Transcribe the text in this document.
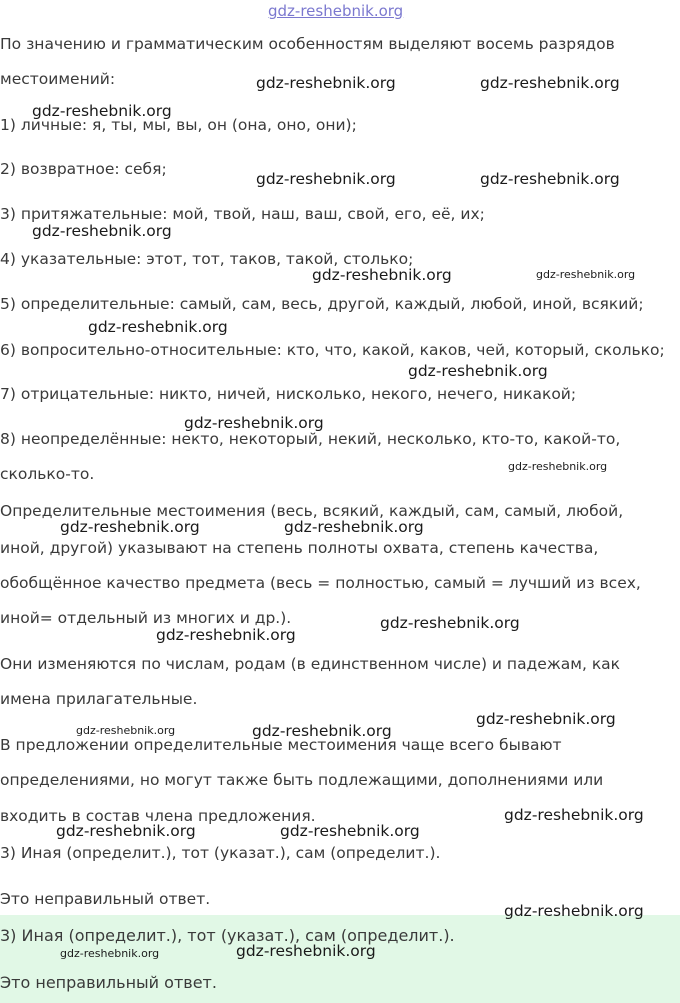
По значению и грамматическим особенностям выделяют восемь разрядов

местоимений:

1) личные: я, ты, мы, вы, он (она, оно, они);

2) возвратное: себя;

3) притяжательные: мой, твой, наш, ваш, свой, его, её, их;

4) указательные: этот, тот, таков, такой, столько;

5) определительные: самый, сам, весь, другой, каждый, любой, иной, всякий;

6) вопросительно-относительные: кто, что, какой, каков, чей, который, сколько;

7) отрицательные: никто, ничей, нисколько, некого, нечего, никакой;

8) неопределённые: некто, некоторый, некий, несколько, кто-то, какой-то,

сколько-то.

Определительные местоимения (весь, всякий, каждый, сам, самый, любой,

иной, другой) указывают на степень полноты охвата, степень качества,

обобщённое качество предмета (весь = полностью, самый = лучший из всех,

иной= отдельный из многих и др.).

Они изменяются по числам, родам (в единственном числе) и падежам, как

имена прилагательные.

В предложении определительные местоимения чаще всего бывают

определениями, но могут также быть подлежащими, дополнениями или

входить в состав члена предложения.

3) Иная (определит.), тот (указат.), сам (определит.).

Это неправильный ответ.

3) Иная (определит.), тот (указат.), сам (определит.).

Это неправильный ответ.

gdz-reshebnik.org
gdz-reshebnik.org	gdz-reshebnik.org
gdz-reshebnik.org
gdz-reshebnik.org	gdz-reshebnik.org
gdz-reshebnik.org
gdz-reshebnik.org	gdz-reshebnik.org
gdz-reshebnik.org
gdz-reshebnik.org
gdz-reshebnik.org
gdz-reshebnik.org
gdz-reshebnik.org	gdz-reshebnik.org
gdz-reshebnik.org
gdz-reshebnik.org
gdz-reshebnik.org
gdz-reshebnik.org	gdz-reshebnik.org
gdz-reshebnik.org
gdz-reshebnik.org	gdz-reshebnik.org
gdz-reshebnik.org
gdz-reshebnik.org	gdz-reshebnik.org
